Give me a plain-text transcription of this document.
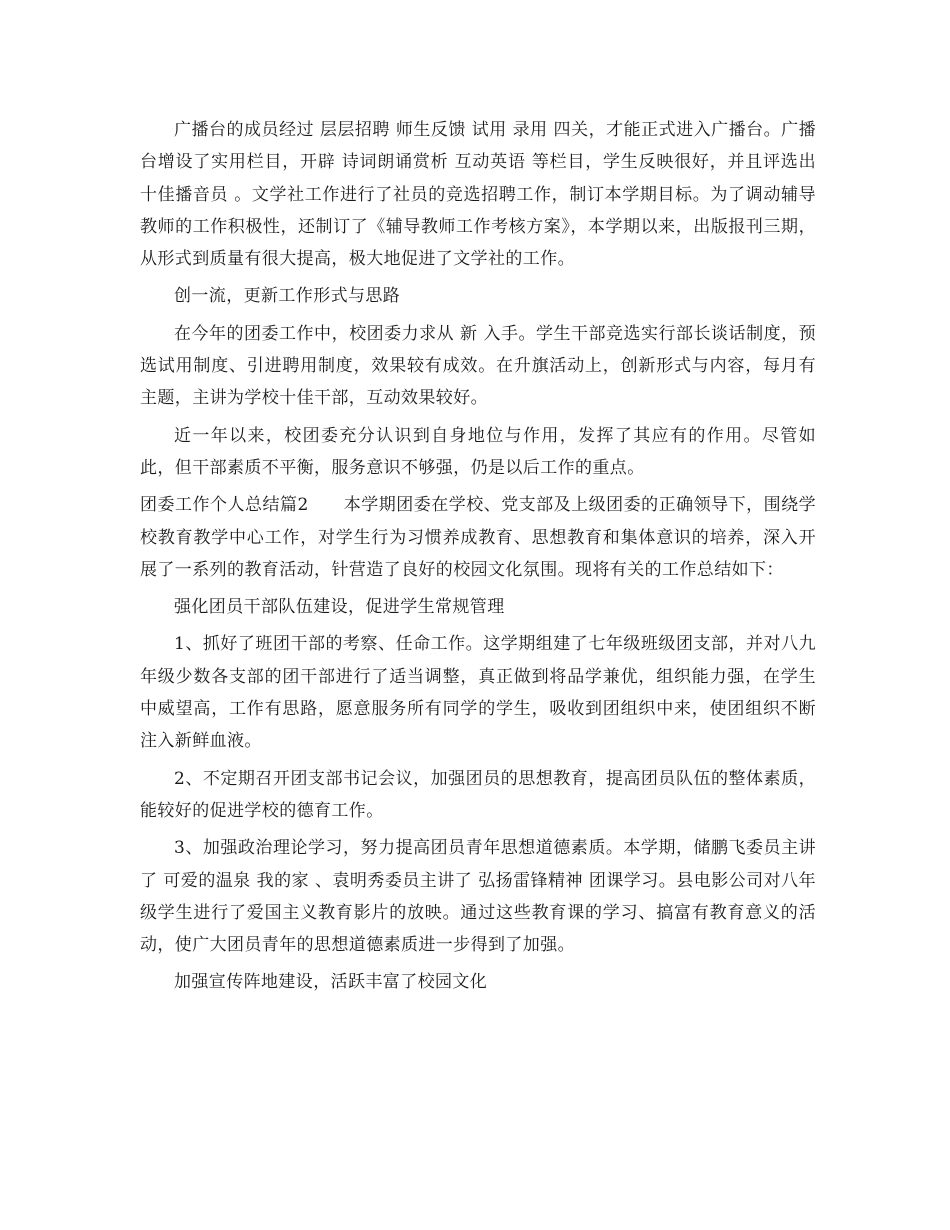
广播台的成员经过 层层招聘 师生反馈 试用 录用 四关，才能正式进入广播台。广播台增设了实用栏目，开辟 诗词朗诵赏析 互动英语 等栏目，学生反映很好，并且评选出 十佳播音员 。文学社工作进行了社员的竞选招聘工作，制订本学期目标。为了调动辅导教师的工作积极性，还制订了《辅导教师工作考核方案》，本学期以来，出版报刊三期，从形式到质量有很大提高，极大地促进了文学社的工作。

创一流，更新工作形式与思路

在今年的团委工作中，校团委力求从 新 入手。学生干部竞选实行部长谈话制度，预选试用制度、引进聘用制度，效果较有成效。在升旗活动上，创新形式与内容，每月有主题，主讲为学校十佳干部，互动效果较好。

近一年以来，校团委充分认识到自身地位与作用，发挥了其应有的作用。尽管如此，但干部素质不平衡，服务意识不够强，仍是以后工作的重点。

团委工作个人总结篇2　　本学期团委在学校、党支部及上级团委的正确领导下，围绕学校教育教学中心工作，对学生行为习惯养成教育、思想教育和集体意识的培养，深入开展了一系列的教育活动，针营造了良好的校园文化氛围。现将有关的工作总结如下：

强化团员干部队伍建设，促进学生常规管理

1、抓好了班团干部的考察、任命工作。这学期组建了七年级班级团支部，并对八九年级少数各支部的团干部进行了适当调整，真正做到将品学兼优，组织能力强，在学生中威望高，工作有思路，愿意服务所有同学的学生，吸收到团组织中来，使团组织不断注入新鲜血液。

2、不定期召开团支部书记会议，加强团员的思想教育，提高团员队伍的整体素质，能较好的促进学校的德育工作。

3、加强政治理论学习，努力提高团员青年思想道德素质。本学期，储鹏飞委员主讲了 可爱的温泉 我的家 、袁明秀委员主讲了 弘扬雷锋精神 团课学习。县电影公司对八年级学生进行了爱国主义教育影片的放映。通过这些教育课的学习、搞富有教育意义的活动，使广大团员青年的思想道德素质进一步得到了加强。

加强宣传阵地建设，活跃丰富了校园文化
